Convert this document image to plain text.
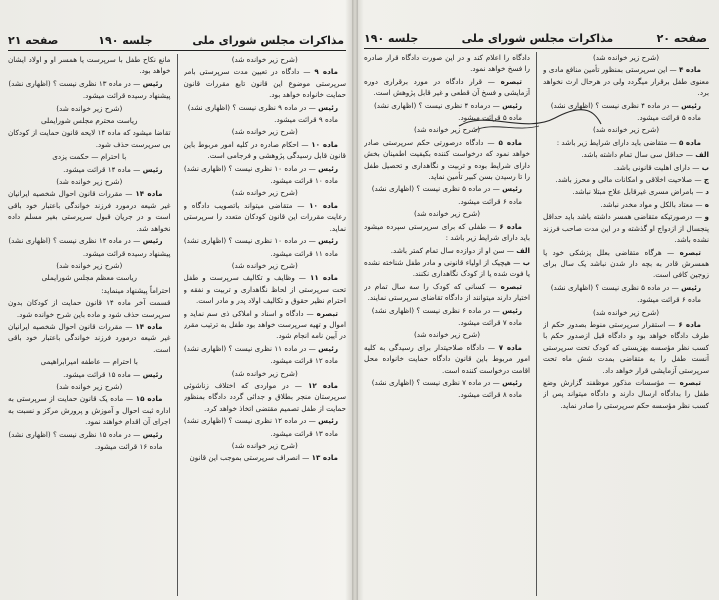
مذاکرات مجلس شورای ملی
جلسه ۱۹۰
صفحه ۲۱

(شرح زیر خوانده شد)

ماده ۹ — دادگاه در تعیین مدت سرپرستی بامر سرپرستی موضوع این قانون تابع مقررات قانون حمایت خانواده خواهد بود.

رئیس — در ماده ۹ نظری نیست ؟ (اظهاری نشد)

ماده ۹ قرائت میشود.

(شرح زیر خوانده شد)

ماده ۱۰ — احکام صادره در کلیه امور مربوط باین قانون قابل رسیدگی پژوهشی و فرجامی است.

رئیس — در ماده ۱۰ نظری نیست ؟ (اظهاری نشد)

ماده ۱۰ قرائت میشود.

(شرح زیر خوانده شد)

ماده ۱۰ — متقاضی میتواند باتصویب دادگاه و رعایت مقررات این قانون کودکان متعدد را سرپرستی نماید.

رئیس — در ماده ۱۰ نظری نیست ؟ (اظهاری نشد)

ماده ۱۱ قرائت میشود.

(شرح زیر خوانده شد)

ماده ۱۱ — وظایف و تکالیف سرپرست و طفل تحت سرپرستی از لحاظ نگاهداری و تربیت و نفقه و احترام نظیر حقوق و تکالیف اولاد پدر و مادر است.

تبصره — دادگاه و اسناد و املاکی ذی سم نماید و اموال و تهیه سرپرست خواهد بود طفل به ترتیب مقرر در آیین نامه انجام شود.

رئیس — در ماده ۱۱ نظری نیست ؟ (اظهاری نشد)

ماده ۱۲ قرائت میشود.

(شرح زیر خوانده شد)

ماده ۱۲ — در مواردی که اختلاف زناشوئی سرپرستان منجر بطلاق و جدائی گردد دادگاه بمنظور حمایت از طفل تصمیم مقتضی اتخاذ خواهد کرد.

رئیس — در ماده ۱۲ نظری نیست ؟ (اظهاری نشد)

ماده ۱۳ قرائت میشود.

(شرح زیر خوانده شد)

ماده ۱۳ — انصراف سرپرستی بموجب این قانون

مانع نکاح طفل با سرپرست یا همسر او و اولاد ایشان خواهد بود.

رئیس — در ماده ۱۳ نظری نیست ؟ (اظهاری نشد)

پیشنهاد رسیده قرائت میشود.

(شرح زیر خوانده شد)

ریاست محترم مجلس شورایملی

تقاضا میشود که ماده ۱۴ لایحه قانون حمایت از کودکان بی سرپرست حذف شود.

با احترام — حکمت یزدی

رئیس — ماده ۱۴ قرائت میشود.

(شرح زیر خوانده شد)

ماده ۱۴ — مقررات قانون احوال شخصیه ایرانیان غیر شیعه درمورد فرزند خواندگی باعتبار خود باقی است و در جریان قبول سرپرستی بغیر مسلم داده نخواهد شد.

رئیس — در ماده ۱۴ نظری نیست ؟ (اظهاری نشد)

پیشنهاد رسیده قرائت میشود.

(شرح زیر خوانده شد)

ریاست معظم مجلس شورایملی

احتراماً پیشنهاد مینماید:

قسمت آخر ماده ۱۴ قانون حمایت از کودکان بدون سرپرست حذف شود و ماده باین شرح خوانده شود.

ماده ۱۴ — مقررات قانون احوال شخصیه ایرانیان غیر شیعه درمورد فرزند خواندگی باعتبار خود باقی است.

با احترام — عاطفه امیرابراهیمی

رئیس — ماده ۱۵ قرائت میشود.

(شرح زیر خوانده شد)

ماده ۱۵ — ماده یک قانون حمایت از سرپرستی به اداره ثبت احوال و آموزش و پرورش مرکز و نسبت به اجرای آن اقدام خواهند نمود.

رئیس — در ماده ۱۵ نظری نیست ؟ (اظهاری نشد)

ماده ۱۶ قرائت میشود.

صفحه ۲۰
مذاکرات مجلس شورای ملی
جلسه ۱۹۰

(شرح زیر خوانده شد)

ماده ۴ — این سرپرستی بمنظور تأمین منافع مادی و معنوی طفل برقرار میگردد ولی در هرحال ارث نخواهد برد.

رئیس — در ماده ۴ نظری نیست ؟ (اظهاری نشد)

ماده ۵ قرائت میشود.

(شرح زیر خوانده شد)

ماده ۵ — متقاضی باید دارای شرایط زیر باشد :

الف — حداقل سی سال تمام داشته باشد.

ب — دارای اهلیت قانونی باشد.

ج — صلاحیت اخلاقی و امکانات مالی و محرز باشد.

د — بامراض مسری غیرقابل علاج مبتلا نباشد.

ه — معتاد بالکل و مواد مخدر نباشد.

و — درصورتیکه متقاضی همسر داشته باشد باید حداقل پنجسال از ازدواج او گذشته و در این مدت صاحب فرزند نشده باشد.

تبصره — هرگاه متقاضی بعلل پزشکی خود یا همسرش قادر به بچه دار شدن نباشد یک سال برای زوجین کافی است.

رئیس — در ماده ۵ نظری نیست ؟ (اظهاری نشد)

ماده ۶ قرائت میشود.

(شرح زیر خوانده شد)

ماده ۶ — استقرار سرپرستی منوط بصدور حکم از طرف دادگاه خواهد بود و دادگاه قبل ازصدور حکم با کسب نظر مؤسسه بهزیستی که کودک تحت سرپرستی آنست طفل را به متقاضی بمدت شش ماه تحت سرپرستی آزمایشی قرار خواهد داد.

تبصره — مؤسسات مذکور موظفند گزارش وضع طفل را بدادگاه ارسال دارند و دادگاه میتواند پس از کسب نظر مؤسسه حکم سرپرستی را صادر نماید.

دادگاه را اعلام کند و در این صورت دادگاه قرار صادره را فسخ خواهد نمود.

تبصره — قرار دادگاه در مورد برقراری دوره آزمایشی و فسخ آن قطعی و غیر قابل پژوهش است.

رئیس — درماده ۴ نظری نیست ؟ (اظهاری نشد)

ماده ۵ قرائت میشود.

(شرح زیر خوانده شد)

ماده ۵ — دادگاه درصورتی حکم سرپرستی صادر خواهد نمود که درخواست کننده بکیفیت اطمینان بخش دارای شرایط بوده و تربیت و نگاهداری و تحصیل طفل را تا رسیدن بسن کبیر تأمین نماید.

رئیس — در ماده ۵ نظری نیست ؟ (اظهاری نشد)

ماده ۶ قرائت میشود.

(شرح زیر خوانده شد)

ماده ۶ — طفلی که برای سرپرستی سپرده میشود باید دارای شرایط زیر باشد :

الف — سن او از دوازده سال تمام کمتر باشد.

ب — هیچیک از اولیاء قانونی و مادر طفل شناخته نشده یا فوت شده یا از کودک نگاهداری نکنند.

تبصره — کسانی که کودک را سه سال تمام در اختیار دارند میتوانند از دادگاه تقاضای سرپرستی نمایند.

رئیس — در ماده ۶ نظری نیست ؟ (اظهاری نشد)

ماده ۷ قرائت میشود.

(شرح زیر خوانده شد)

ماده ۷ — دادگاه صلاحیتدار برای رسیدگی به کلیه امور مربوط باین قانون دادگاه حمایت خانواده محل اقامت درخواست کننده است.

رئیس — در ماده ۷ نظری نیست ؟ (اظهاری نشد)

ماده ۸ قرائت میشود.
